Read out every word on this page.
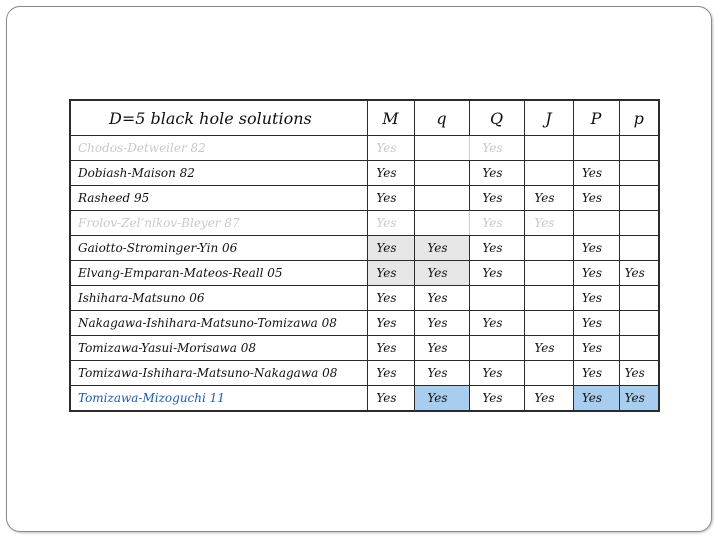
D=5 black hole solutions	M	q	Q	J	P	p
Chodos-Detweiler 82	Yes		Yes			
Dobiash-Maison 82	Yes		Yes		Yes	
Rasheed 95	Yes		Yes	Yes	Yes	
Frolov-Zel’nikov-Bleyer 87	Yes		Yes	Yes		
Gaiotto-Strominger-Yin 06	Yes	Yes	Yes		Yes	
Elvang-Emparan-Mateos-Reall 05	Yes	Yes	Yes		Yes	Yes
Ishihara-Matsuno 06	Yes	Yes			Yes	
Nakagawa-Ishihara-Matsuno-Tomizawa 08	Yes	Yes	Yes		Yes	
Tomizawa-Yasui-Morisawa 08	Yes	Yes		Yes	Yes	
Tomizawa-Ishihara-Matsuno-Nakagawa 08	Yes	Yes	Yes		Yes	Yes
Tomizawa-Mizoguchi 11	Yes	Yes	Yes	Yes	Yes	Yes
